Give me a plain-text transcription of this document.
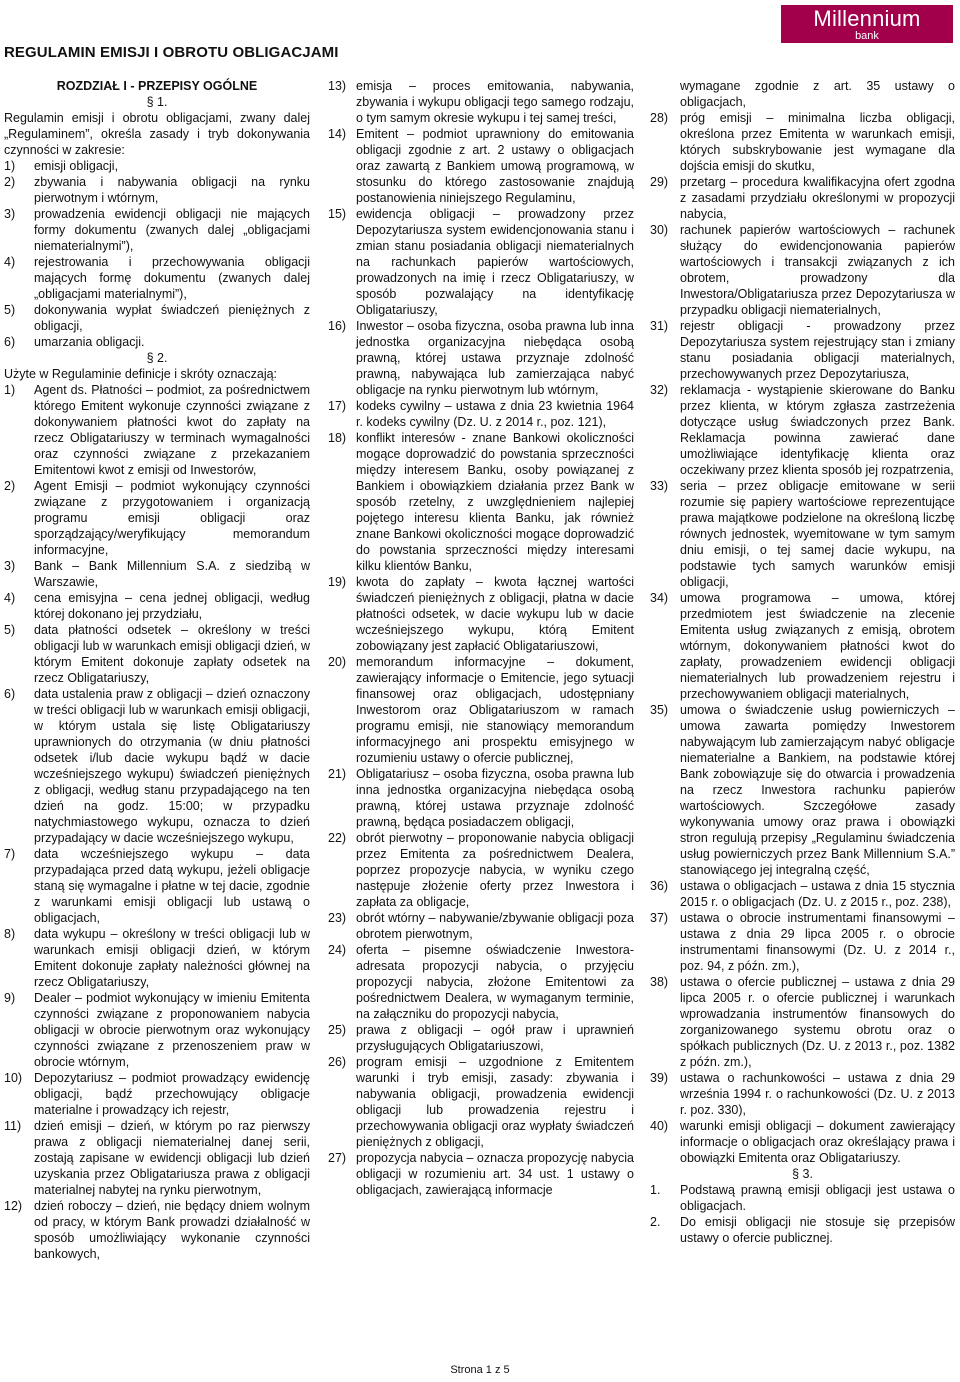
Millennium
bank
REGULAMIN EMISJI I OBROTU OBLIGACJAMI

ROZDZIAŁ I - PRZEPISY OGÓLNE

§ 1.

Regulamin emisji i obrotu obligacjami, zwany dalej „Regulaminem”, określa zasady i tryb dokonywania czynności w zakresie:

1) emisji obligacji,

2) zbywania i nabywania obligacji na rynku pierwotnym i wtórnym,

3) prowadzenia ewidencji obligacji nie mających formy dokumentu (zwanych dalej „obligacjami niematerialnymi”),

4) rejestrowania i przechowywania obligacji mających formę dokumentu (zwanych dalej „obligacjami materialnymi”),

5) dokonywania wypłat świadczeń pieniężnych z obligacji,

6) umarzania obligacji.

§ 2.

Użyte w Regulaminie definicje i skróty oznaczają:

1) Agent ds. Płatności – podmiot, za pośrednictwem którego Emitent wykonuje czynności związane z dokonywaniem płatności kwot do zapłaty na rzecz Obligatariuszy w terminach wymagalności oraz czynności związane z przekazaniem Emitentowi kwot z emisji od Inwestorów,

2) Agent Emisji – podmiot wykonujący czynności związane z przygotowaniem i organizacją programu emisji obligacji oraz sporządzający/weryfikujący memorandum informacyjne,

3) Bank – Bank Millennium S.A. z siedzibą w Warszawie,

4) cena emisyjna – cena jednej obligacji, według której dokonano jej przydziału,

5) data płatności odsetek – określony w treści obligacji lub w warunkach emisji obligacji dzień, w którym Emitent dokonuje zapłaty odsetek na rzecz Obligatariuszy,

6) data ustalenia praw z obligacji – dzień oznaczony w treści obligacji lub w warunkach emisji obligacji, w którym ustala się listę Obligatariuszy uprawnionych do otrzymania (w dniu płatności odsetek i/lub dacie wykupu bądź w dacie wcześniejszego wykupu) świadczeń pieniężnych z obligacji, według stanu przypadającego na ten dzień na godz. 15:00; w przypadku natychmiastowego wykupu, oznacza to dzień przypadający w dacie wcześniejszego wykupu,

7) data wcześniejszego wykupu – data przypadająca przed datą wykupu, jeżeli obligacje staną się wymagalne i płatne w tej dacie, zgodnie z warunkami emisji obligacji lub ustawą o obligacjach,

8) data wykupu – określony w treści obligacji lub w warunkach emisji obligacji dzień, w którym Emitent dokonuje zapłaty należności głównej na rzecz Obligatariuszy,

9) Dealer – podmiot wykonujący w imieniu Emitenta czynności związane z proponowaniem nabycia obligacji w obrocie pierwotnym oraz wykonujący czynności związane z przenoszeniem praw w obrocie wtórnym,

10) Depozytariusz – podmiot prowadzący ewidencję obligacji, bądź przechowujący obligacje materialne i prowadzący ich rejestr,

11) dzień emisji – dzień, w którym po raz pierwszy prawa z obligacji niematerialnej danej serii, zostają zapisane w ewidencji obligacji lub dzień uzyskania przez Obligatariusza prawa z obligacji materialnej nabytej na rynku pierwotnym,

12) dzień roboczy – dzień, nie będący dniem wolnym od pracy, w którym Bank prowadzi działalność w sposób umożliwiający wykonanie czynności bankowych,

13) emisja – proces emitowania, nabywania, zbywania i wykupu obligacji tego samego rodzaju, o tym samym okresie wykupu i tej samej treści,

14) Emitent – podmiot uprawniony do emitowania obligacji zgodnie z art. 2 ustawy o obligacjach oraz zawartą z Bankiem umową programową, w stosunku do którego zastosowanie znajdują postanowienia niniejszego Regulaminu,

15) ewidencja obligacji – prowadzony przez Depozytariusza system ewidencjonowania stanu i zmian stanu posiadania obligacji niematerialnych na rachunkach papierów wartościowych, prowadzonych na imię i rzecz Obligatariuszy, w sposób pozwalający na identyfikację Obligatariuszy,

16) Inwestor – osoba fizyczna, osoba prawna lub inna jednostka organizacyjna niebędąca osobą prawną, której ustawa przyznaje zdolność prawną, nabywająca lub zamierzająca nabyć obligacje na rynku pierwotnym lub wtórnym,

17) kodeks cywilny – ustawa z dnia 23 kwietnia 1964 r. kodeks cywilny (Dz. U. z 2014 r., poz. 121),

18) konflikt interesów - znane Bankowi okoliczności mogące doprowadzić do powstania sprzeczności między interesem Banku, osoby powiązanej z Bankiem i obowiązkiem działania przez Bank w sposób rzetelny, z uwzględnieniem najlepiej pojętego interesu klienta Banku, jak również znane Bankowi okoliczności mogące doprowadzić do powstania sprzeczności między interesami kilku klientów Banku,

19) kwota do zapłaty – kwota łącznej wartości świadczeń pieniężnych z obligacji, płatna w dacie płatności odsetek, w dacie wykupu lub w dacie wcześniejszego wykupu, którą Emitent zobowiązany jest zapłacić Obligatariuszowi,

20) memorandum informacyjne – dokument, zawierający informacje o Emitencie, jego sytuacji finansowej oraz obligacjach, udostępniany Inwestorom oraz Obligatariuszom w ramach programu emisji, nie stanowiący memorandum informacyjnego ani prospektu emisyjnego w rozumieniu ustawy o ofercie publicznej,

21) Obligatariusz – osoba fizyczna, osoba prawna lub inna jednostka organizacyjna niebędąca osobą prawną, której ustawa przyznaje zdolność prawną, będąca posiadaczem obligacji,

22) obrót pierwotny – proponowanie nabycia obligacji przez Emitenta za pośrednictwem Dealera, poprzez propozycje nabycia, w wyniku czego następuje złożenie oferty przez Inwestora i zapłata za obligacje,

23) obrót wtórny – nabywanie/zbywanie obligacji poza obrotem pierwotnym,

24) oferta – pisemne oświadczenie Inwestora-adresata propozycji nabycia, o przyjęciu propozycji nabycia, złożone Emitentowi za pośrednictwem Dealera, w wymaganym terminie, na załączniku do propozycji nabycia,

25) prawa z obligacji – ogół praw i uprawnień przysługujących Obligatariuszowi,

26) program emisji – uzgodnione z Emitentem warunki i tryb emisji, zasady: zbywania i nabywania obligacji, prowadzenia ewidencji obligacji lub prowadzenia rejestru i przechowywania obligacji oraz wypłaty świadczeń pieniężnych z obligacji,

27) propozycja nabycia – oznacza propozycję nabycia obligacji w rozumieniu art. 34 ust. 1 ustawy o obligacjach, zawierającą informacje

wymagane zgodnie z art. 35 ustawy o obligacjach,

28) próg emisji – minimalna liczba obligacji, określona przez Emitenta w warunkach emisji, których subskrybowanie jest wymagane dla dojścia emisji do skutku,

29) przetarg – procedura kwalifikacyjna ofert zgodna z zasadami przydziału określonymi w propozycji nabycia,

30) rachunek papierów wartościowych – rachunek służący do ewidencjonowania papierów wartościowych i transakcji związanych z ich obrotem, prowadzony dla Inwestora/Obligatariusza przez Depozytariusza w przypadku obligacji niematerialnych,

31) rejestr obligacji - prowadzony przez Depozytariusza system rejestrujący stan i zmiany stanu posiadania obligacji materialnych, przechowywanych przez Depozytariusza,

32) reklamacja - wystąpienie skierowane do Banku przez klienta, w którym zgłasza zastrzeżenia dotyczące usług świadczonych przez Bank. Reklamacja powinna zawierać dane umożliwiające identyfikację klienta oraz oczekiwany przez klienta sposób jej rozpatrzenia,

33) seria – przez obligacje emitowane w serii rozumie się papiery wartościowe reprezentujące prawa majątkowe podzielone na określoną liczbę równych jednostek, wyemitowane w tym samym dniu emisji, o tej samej dacie wykupu, na podstawie tych samych warunków emisji obligacji,

34) umowa programowa – umowa, której przedmiotem jest świadczenie na zlecenie Emitenta usług związanych z emisją, obrotem wtórnym, dokonywaniem płatności kwot do zapłaty, prowadzeniem ewidencji obligacji niematerialnych lub prowadzeniem rejestru i przechowywaniem obligacji materialnych,

35) umowa o świadczenie usług powierniczych – umowa zawarta pomiędzy Inwestorem nabywającym lub zamierzającym nabyć obligacje niematerialne a Bankiem, na podstawie której Bank zobowiązuje się do otwarcia i prowadzenia na rzecz Inwestora rachunku papierów wartościowych. Szczegółowe zasady wykonywania umowy oraz prawa i obowiązki stron regulują przepisy „Regulaminu świadczenia usług powierniczych przez Bank Millennium S.A.” stanowiącego jej integralną część,

36) ustawa o obligacjach – ustawa z dnia 15 stycznia 2015 r. o obligacjach (Dz. U. z 2015 r., poz. 238),

37) ustawa o obrocie instrumentami finansowymi – ustawa z dnia 29 lipca 2005 r. o obrocie instrumentami finansowymi (Dz. U. z 2014 r., poz. 94, z późn. zm.),

38) ustawa o ofercie publicznej – ustawa z dnia 29 lipca 2005 r. o ofercie publicznej i warunkach wprowadzania instrumentów finansowych do zorganizowanego systemu obrotu oraz o spółkach publicznych (Dz. U. z 2013 r., poz. 1382 z późn. zm.),

39) ustawa o rachunkowości – ustawa z dnia 29 września 1994 r. o rachunkowości (Dz. U. z 2013 r. poz. 330),

40) warunki emisji obligacji – dokument zawierający informacje o obligacjach oraz określający prawa i obowiązki Emitenta oraz Obligatariuszy.

§ 3.

1. Podstawą prawną emisji obligacji jest ustawa o obligacjach.

2. Do emisji obligacji nie stosuje się przepisów ustawy o ofercie publicznej.

Strona 1 z 5
